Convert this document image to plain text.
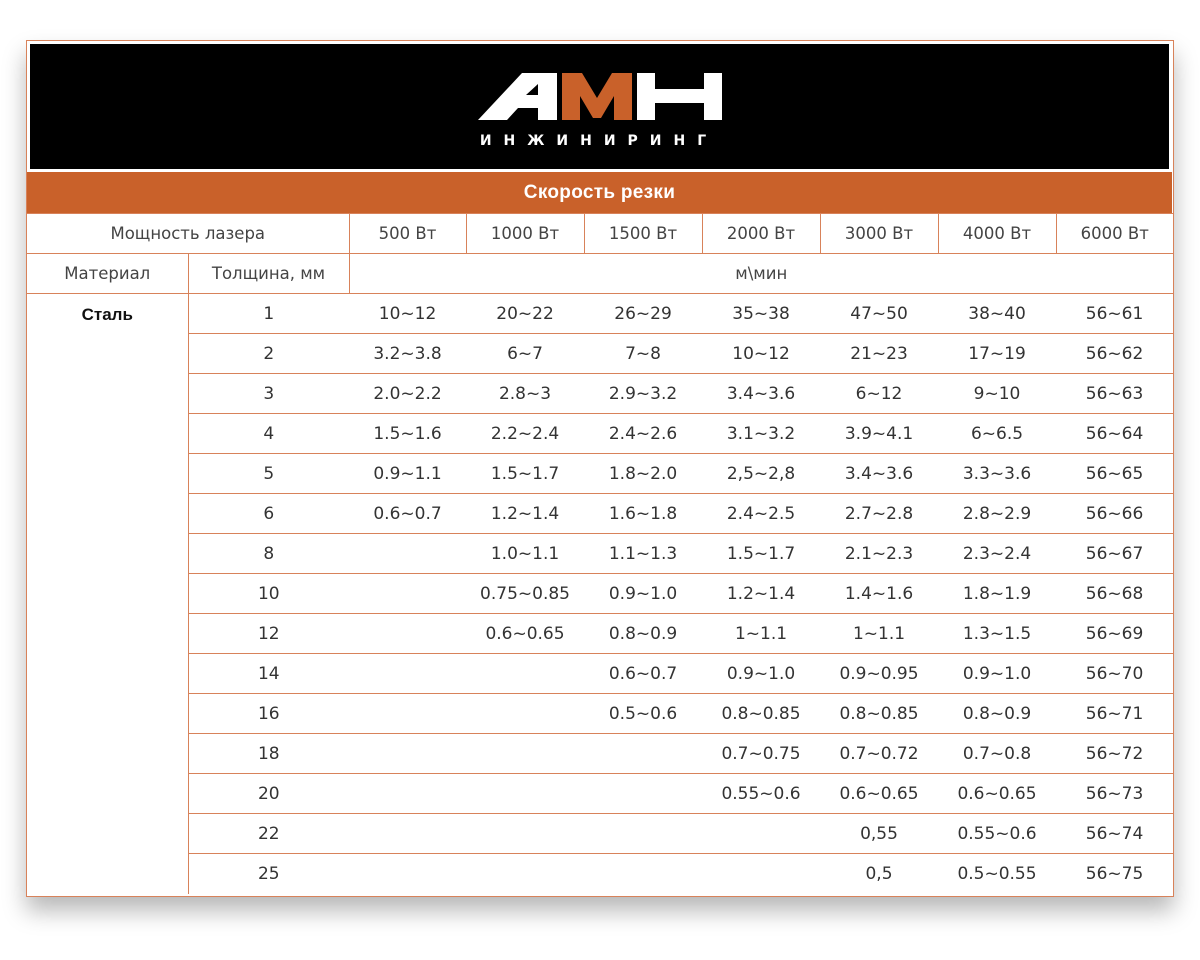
ИНЖИНИРИНГ
Скорость резки
Мощность лазера		500 Вт	1000 Вт	1500 Вт	2000 Вт	3000 Вт	4000 Вт	6000 Вт
Материал	Толщина, мм	м\мин						
Сталь	1	10~12	20~22	26~29	35~38	47~50	38~40	56~61
	2	3.2~3.8	6~7	7~8	10~12	21~23	17~19	56~62
	3	2.0~2.2	2.8~3	2.9~3.2	3.4~3.6	6~12	9~10	56~63
	4	1.5~1.6	2.2~2.4	2.4~2.6	3.1~3.2	3.9~4.1	6~6.5	56~64
	5	0.9~1.1	1.5~1.7	1.8~2.0	2,5~2,8	3.4~3.6	3.3~3.6	56~65
	6	0.6~0.7	1.2~1.4	1.6~1.8	2.4~2.5	2.7~2.8	2.8~2.9	56~66
	8		1.0~1.1	1.1~1.3	1.5~1.7	2.1~2.3	2.3~2.4	56~67
	10		0.75~0.85	0.9~1.0	1.2~1.4	1.4~1.6	1.8~1.9	56~68
	12		0.6~0.65	0.8~0.9	1~1.1	1~1.1	1.3~1.5	56~69
	14			0.6~0.7	0.9~1.0	0.9~0.95	0.9~1.0	56~70
	16			0.5~0.6	0.8~0.85	0.8~0.85	0.8~0.9	56~71
	18				0.7~0.75	0.7~0.72	0.7~0.8	56~72
	20				0.55~0.6	0.6~0.65	0.6~0.65	56~73
	22					0,55	0.55~0.6	56~74
	25					0,5	0.5~0.55	56~75
